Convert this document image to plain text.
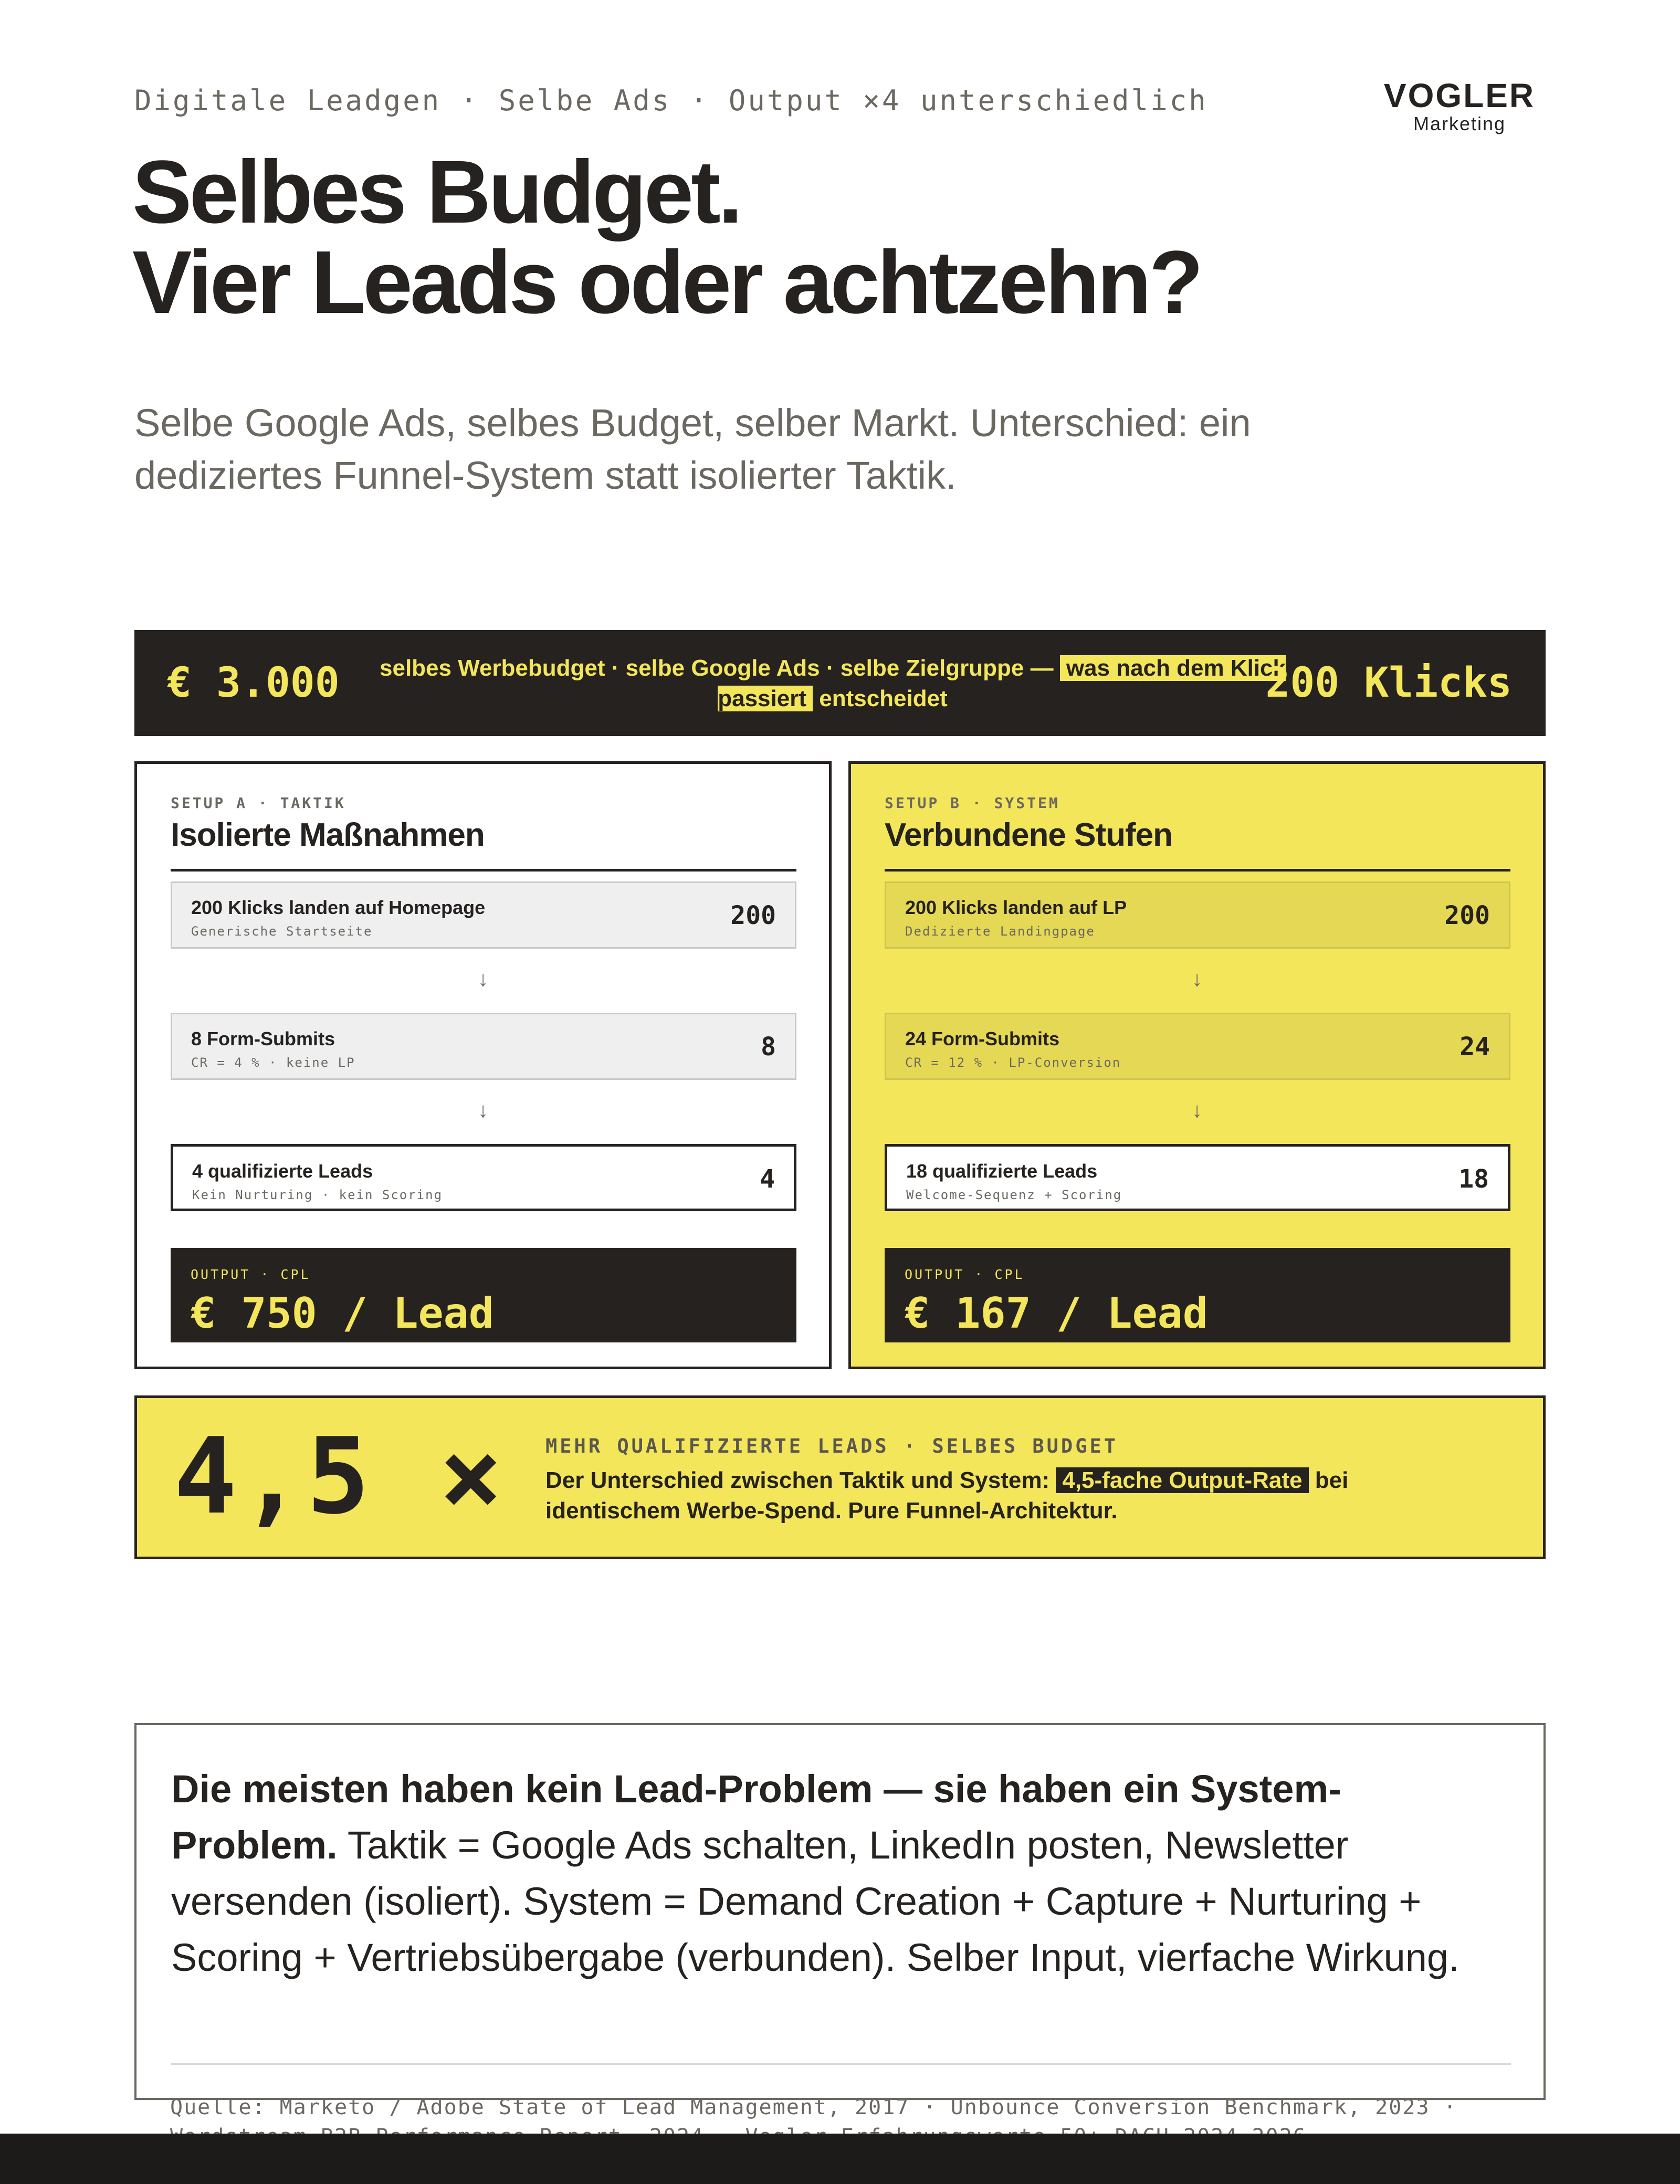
Digitale Leadgen · Selbe Ads · Output ×4 unterschiedlich	VOGLER
Marketing
Selbes Budget.
Vier Leads oder achtzehn?
Selbe Google Ads, selbes Budget, selber Markt. Unterschied: ein dediziertes Funnel-System statt isolierter Taktik.
€ 3.000	selbes Werbebudget · selbe Google Ads · selbe Zielgruppe — was nach dem Klick passiert entscheidet	200 Klicks
SETUP A · TAKTIK
Isolierte Maßnahmen
200 Klicks landen auf Homepage
Generische Startseite
200
↓
8 Form-Submits
CR = 4 % · keine LP
8
↓
4 qualifizierte Leads
Kein Nurturing · kein Scoring
4
OUTPUT · CPL
€ 750 / Lead
SETUP B · SYSTEM
Verbundene Stufen
200 Klicks landen auf LP
Dedizierte Landingpage
200
↓
24 Form-Submits
CR = 12 % · LP-Conversion
24
↓
18 qualifizierte Leads
Welcome-Sequenz + Scoring
18
OUTPUT · CPL
€ 167 / Lead
4,5 × MEHR QUALIFIZIERTE LEADS · SELBES BUDGET
Der Unterschied zwischen Taktik und System: 4,5-fache Output-Rate bei identischem Werbe-Spend. Pure Funnel-Architektur.
Die meisten haben kein Lead-Problem — sie haben ein System-Problem. Taktik = Google Ads schalten, LinkedIn posten, Newsletter versenden (isoliert). System = Demand Creation + Capture + Nurturing + Scoring + Vertriebsübergabe (verbunden). Selber Input, vierfache Wirkung.
Quelle: Marketo / Adobe State of Lead Management, 2017 · Unbounce Conversion Benchmark, 2023 ·
